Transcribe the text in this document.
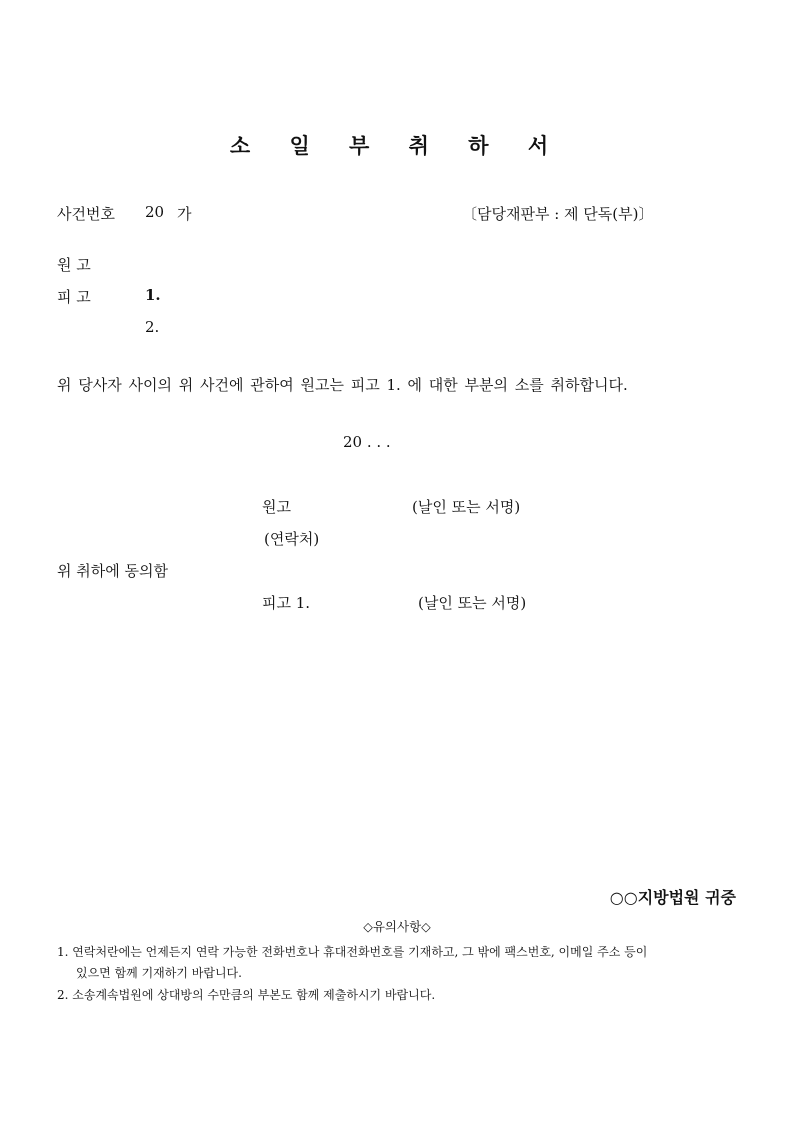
소 일 부 취 하 서
사건번호 20 가	〔담당재판부 : 제 단독(부)〕
원 고
피 고	1.
2.
위 당사자 사이의 위 사건에 관하여 원고는 피고 1. 에 대한 부분의 소를 취하합니다.
20 . . .
원고	(날인 또는 서명)
(연락처)
위 취하에 동의함
피고 1.	(날인 또는 서명)
○○지방법원 귀중
◇유의사항◇
1. 연락처란에는 언제든지 연락 가능한 전화번호나 휴대전화번호를 기재하고, 그 밖에 팩스번호, 이메일 주소 등이
있으면 함께 기재하기 바랍니다.
2. 소송계속법원에 상대방의 수만큼의 부본도 함께 제출하시기 바랍니다.
